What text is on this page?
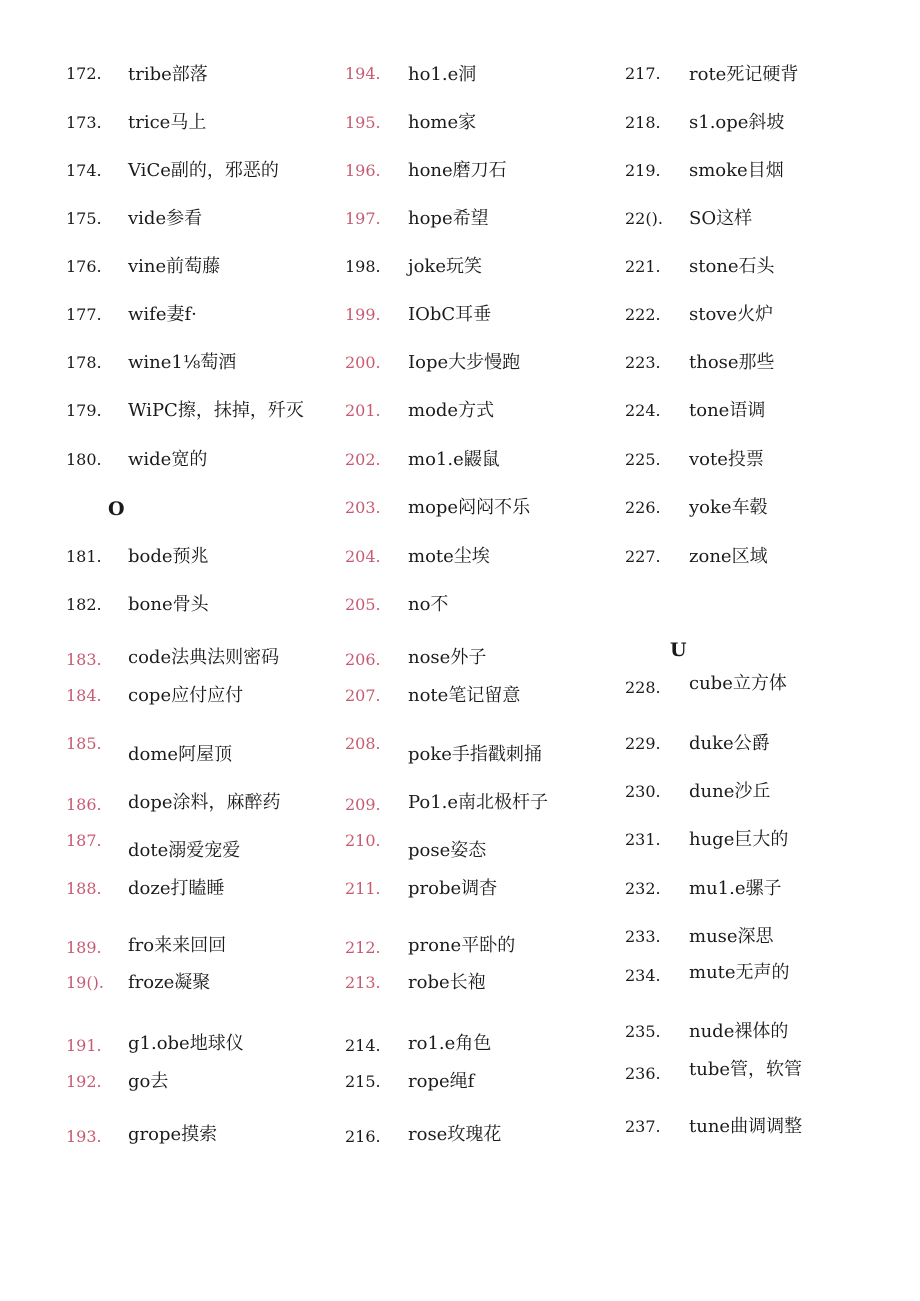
O
U
172. tribe部落
173. trice马上
174. ViCe副的，邪恶的
175. vide参看
176. vine前萄藤
177. wife妻f·
178. wine1⅛萄酒
179. WiPC擦，抹掉，歼灭
180. wide宽的
181. bode预兆
182. bone骨头
183. code法典法则密码
184. cope应付应付
185.
dome阿屋顶
186. dope涂料，麻醉药
187. dote溺爱宠爱
188. doze打瞌睡
189. fro来来回回
19(). froze凝聚
191. g1.obe地球仪
192. go去
193. grope摸索
194. ho1.e洞
195. home家
196. hone磨刀石
197. hope希望
198. joke玩笑
199. IObC耳垂
200. Iope大步慢跑
201. mode方式
202. mo1.e鼹鼠
203. mope闷闷不乐
204. mote尘埃
205. no不
206. nose外子
207. note笔记留意
208.
poke手指戳刺捅
209. Po1.e南北极杆子
210. pose姿态
211. probe调杳
212. prone平卧的
213. robe长袍
214. ro1.e角色
215. rope绳f
216. rose玫瑰花
217. rote死记硬背
218. s1.ope斜坡
219. smoke目烟
22(). SO这样
221. stone石头
222. stove火炉
223. those那些
224. tone语调
225. vote投票
226. yoke车毂
227. zone区域
228. cube立方体
229. duke公爵
230. dune沙丘
231. huge巨大的
232. mu1.e骡子
233. muse深思
234. mute无声的
235. nude裸体的
236. tube管，软管
237. tune曲调调整
